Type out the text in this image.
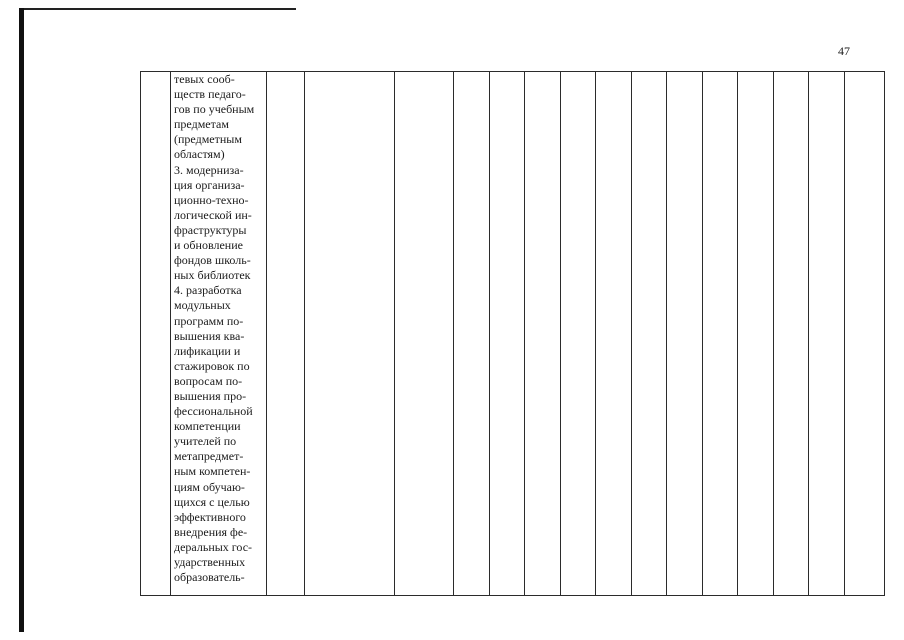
47

тевых сооб-
ществ педаго-
гов по учебным
предметам
(предметным
областям)
3. модерниза-
ция организа-
ционно-техно-
логической ин-
фраструктуры
и обновление
фондов школь-
ных библиотек
4. разработка
модульных
программ по-
вышения ква-
лификации и
стажировок по
вопросам по-
вышения про-
фессиональной
компетенции
учителей по
метапредмет-
ным компетен-
циям обучаю-
щихся с целью
эффективного
внедрения фе-
деральных гос-
ударственных
образователь-
